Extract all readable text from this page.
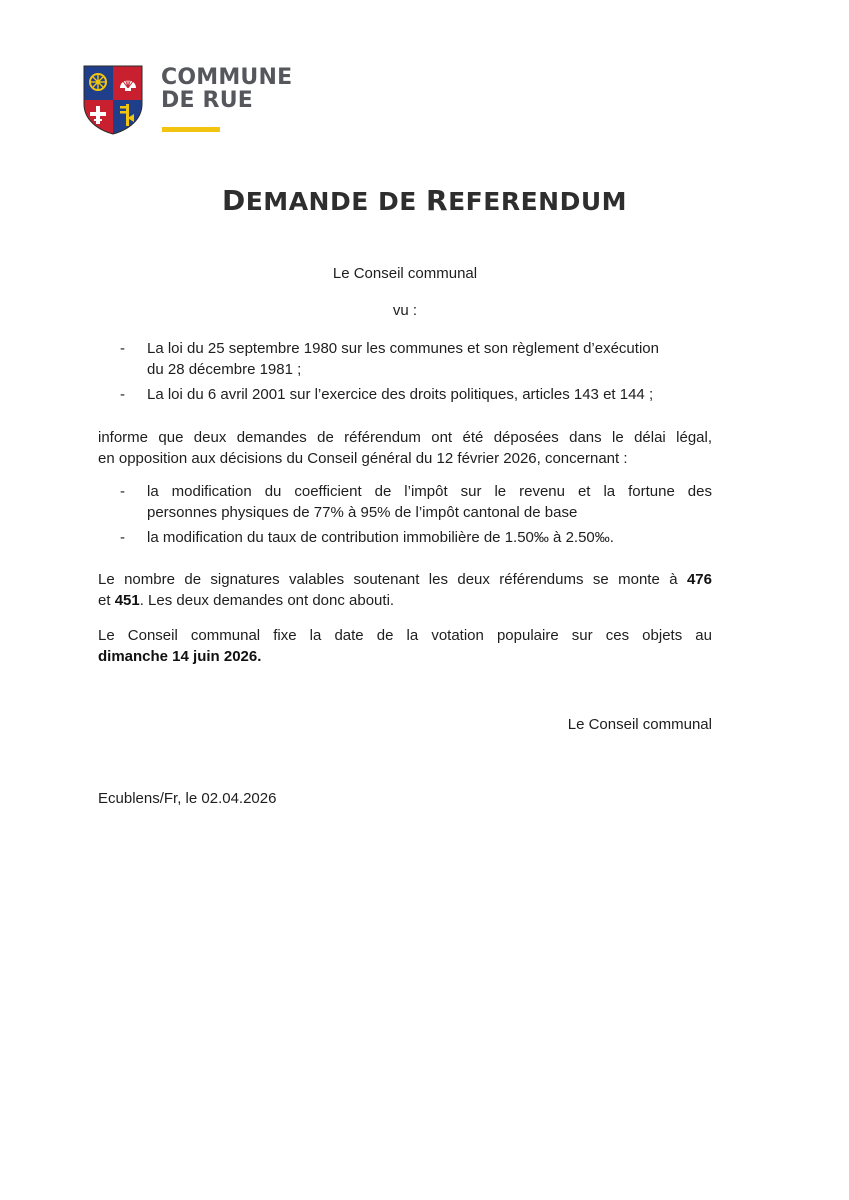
COMMUNE
DE RUE
DEMANDE DE REFERENDUM
Le Conseil communal
vu :
- La loi du 25 septembre 1980 sur les communes et son règlement d’exécution
du 28 décembre 1981 ;
- La loi du 6 avril 2001 sur l’exercice des droits politiques, articles 143 et 144 ;
informe que deux demandes de référendum ont été déposées dans le délai légal,
en opposition aux décisions du Conseil général du 12 février 2026, concernant :
- la modification du coefficient de l’impôt sur le revenu et la fortune des
personnes physiques de 77% à 95% de l’impôt cantonal de base
- la modification du taux de contribution immobilière de 1.50‰ à 2.50‰.
Le nombre de signatures valables soutenant les deux référendums se monte à 476
et 451. Les deux demandes ont donc abouti.
Le Conseil communal fixe la date de la votation populaire sur ces objets au
dimanche 14 juin 2026.
Le Conseil communal
Ecublens/Fr, le 02.04.2026
